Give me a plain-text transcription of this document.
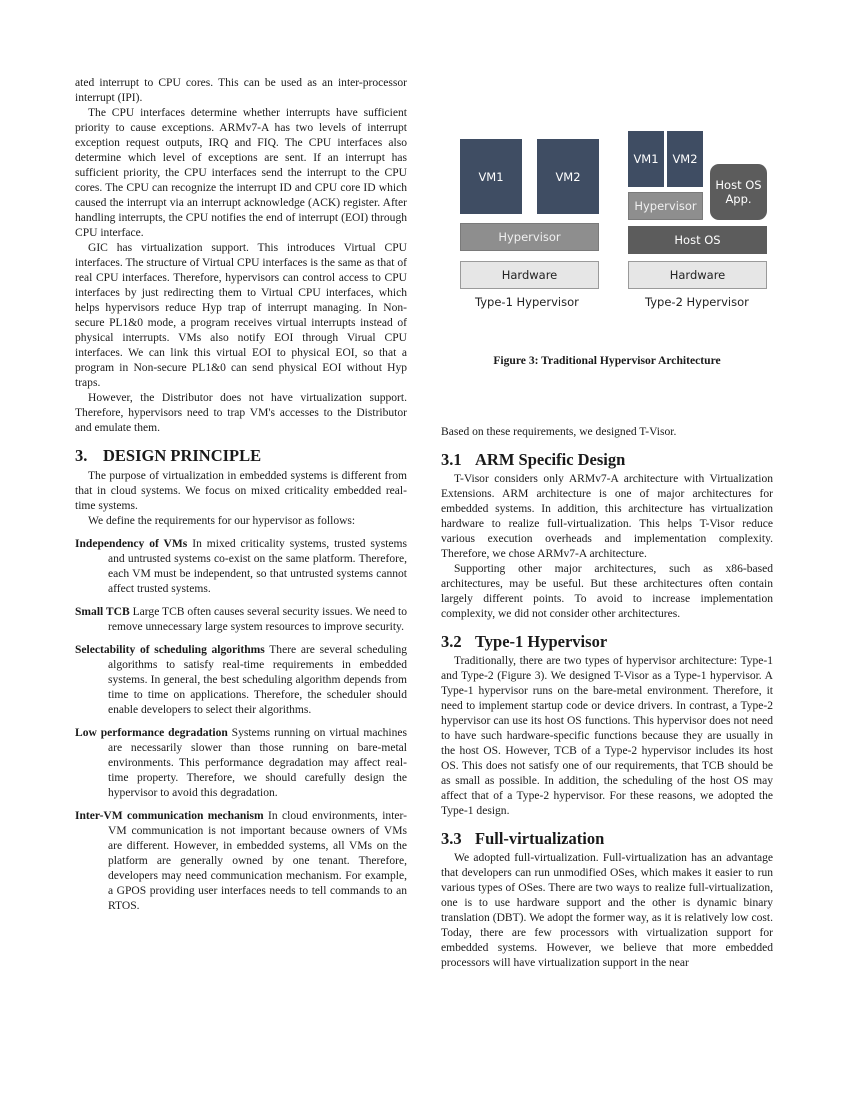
ated interrupt to CPU cores. This can be used as an inter-processor interrupt (IPI).

The CPU interfaces determine whether interrupts have sufficient priority to cause exceptions. ARMv7-A has two levels of interrupt exception request outputs, IRQ and FIQ. The CPU interfaces also determine which level of exceptions are sent. If an interrupt has sufficient priority, the CPU interfaces send the interrupt to the CPU cores. The CPU can recognize the interrupt ID and CPU core ID which caused the interrupt via an interrupt acknowledge (ACK) register. After handling interrupts, the CPU notifies the end of interrupt (EOI) through CPU interface.

GIC has virtualization support. This introduces Virtual CPU interfaces. The structure of Virtual CPU interfaces is the same as that of real CPU interfaces. Therefore, hypervisors can control access to CPU interfaces by just redirecting them to Virtual CPU interfaces, which helps hypervisors reduce Hyp trap of interrupt managing. In Non-secure PL1&0 mode, a program receives virtual interrupts instead of physical interrupts. VMs also notify EOI through Virual CPU interfaces. We can link this virtual EOI to physical EOI, so that a program in Non-secure PL1&0 can send physical EOI without Hyp traps.

However, the Distributor does not have virtualization support. Therefore, hypervisors need to trap VM's accesses to the Distributor and emulate them.

3. DESIGN PRINCIPLE

The purpose of virtualization in embedded systems is different from that in cloud systems. We focus on mixed criticality embedded real-time systems.

We define the requirements for our hypervisor as follows:

Independency of VMs In mixed criticality systems, trusted systems and untrusted systems co-exist on the same platform. Therefore, each VM must be independent, so that untrusted systems cannot affect trusted systems.

Small TCB Large TCB often causes several security issues. We need to remove unnecessary large system resources to improve security.

Selectability of scheduling algorithms There are several scheduling algorithms to satisfy real-time requirements in embedded systems. In general, the best scheduling algorithm depends from time to time on applications. Therefore, the scheduler should enable developers to select their algorithms.

Low performance degradation Systems running on virtual machines are necessarily slower than those running on bare-metal environments. This performance degradation may affect real-time property. Therefore, we should carefully design the hypervisor to avoid this degradation.

Inter-VM communication mechanism In cloud environments, inter-VM communication is not important because owners of VMs are different. However, in embedded systems, all VMs on the platform are generally owned by one tenant. Therefore, developers may need communication mechanism. For example, a GPOS providing user interfaces needs to tell commands to an RTOS.

VM1	VM2
Hypervisor
Hardware
Type-1 Hypervisor
VM1	VM2
Hypervisor
Host OS App.
Host OS
Hardware
Type-2 Hypervisor
Figure 3: Traditional Hypervisor Architecture

Based on these requirements, we designed T-Visor.

3.1 ARM Specific Design

T-Visor considers only ARMv7-A architecture with Virtualization Extensions. ARM architecture is one of major architectures for embedded systems. In addition, this architecture has virtualization hardware to realize full-virtualization. This helps T-Visor reduce various execution overheads and implementation complexity. Therefore, we chose ARMv7-A architecture.

Supporting other major architectures, such as x86-based architectures, may be useful. But these architectures often contain largely different points. To avoid to increase implementation complexity, we did not consider other architectures.

3.2 Type-1 Hypervisor

Traditionally, there are two types of hypervisor architecture: Type-1 and Type-2 (Figure 3). We designed T-Visor as a Type-1 hypervisor. A Type-1 hypervisor runs on the bare-metal environment. Therefore, it need to implement startup code or device drivers. In contrast, a Type-2 hypervisor can use its host OS functions. This hypervisor does not need to have such hardware-specific functions because they are usually in the host OS. However, TCB of a Type-2 hypervisor includes its host OS. This does not satisfy one of our requirements, that TCB should be as small as possible. In addition, the scheduling of the host OS may affect that of a Type-2 hypervisor. For these reasons, we adopted the Type-1 design.

3.3 Full-virtualization

We adopted full-virtualization. Full-virtualization has an advantage that developers can run unmodified OSes, which makes it easier to run various types of OSes. There are two ways to realize full-virtualization, one is to use hardware support and the other is dynamic binary translation (DBT). We adopt the former way, as it is relatively low cost. Today, there are few processors with virtualization support for embedded systems. However, we believe that more embedded processors will have virtualization support in the near
